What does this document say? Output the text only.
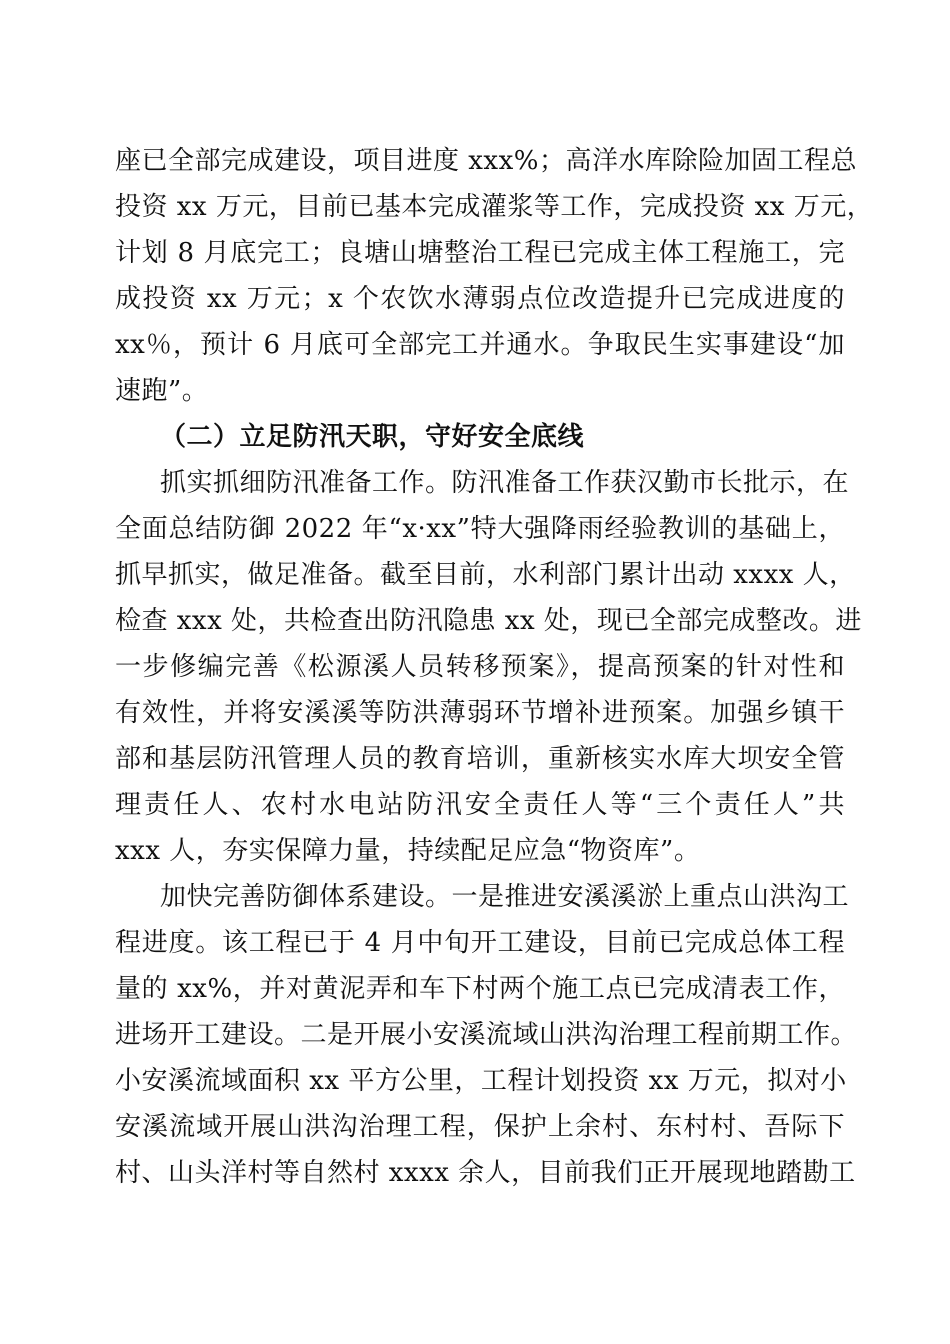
座已全部完成建设，项目进度 xxx%；高洋水库除险加固工程总
投资 xx 万元，目前已基本完成灌浆等工作，完成投资 xx 万元，
计划 8 月底完工；良塘山塘整治工程已完成主体工程施工，完
成投资 xx 万元；x 个农饮水薄弱点位改造提升已完成进度的
xx％，预计 6 月底可全部完工并通水。争取民生实事建设“加
速跑”。
（二）立足防汛天职，守好安全底线
抓实抓细防汛准备工作。防汛准备工作获汉勤市长批示，在
全面总结防御 2022 年“x·xx”特大强降雨经验教训的基础上，
抓早抓实，做足准备。截至目前，水利部门累计出动 xxxx 人，
检查 xxx 处，共检查出防汛隐患 xx 处，现已全部完成整改。进
一步修编完善《松源溪人员转移预案》，提高预案的针对性和
有效性，并将安溪溪等防洪薄弱环节增补进预案。加强乡镇干
部和基层防汛管理人员的教育培训，重新核实水库大坝安全管
理责任人、农村水电站防汛安全责任人等“三个责任人”共
xxx 人，夯实保障力量，持续配足应急“物资库”。
加快完善防御体系建设。一是推进安溪溪淤上重点山洪沟工
程进度。该工程已于 4 月中旬开工建设，目前已完成总体工程
量的 xx%，并对黄泥弄和车下村两个施工点已完成清表工作，
进场开工建设。二是开展小安溪流域山洪沟治理工程前期工作。
小安溪流域面积 xx 平方公里，工程计划投资 xx 万元，拟对小
安溪流域开展山洪沟治理工程，保护上余村、东村村、吾际下
村、山头洋村等自然村 xxxx 余人，目前我们正开展现地踏勘工
